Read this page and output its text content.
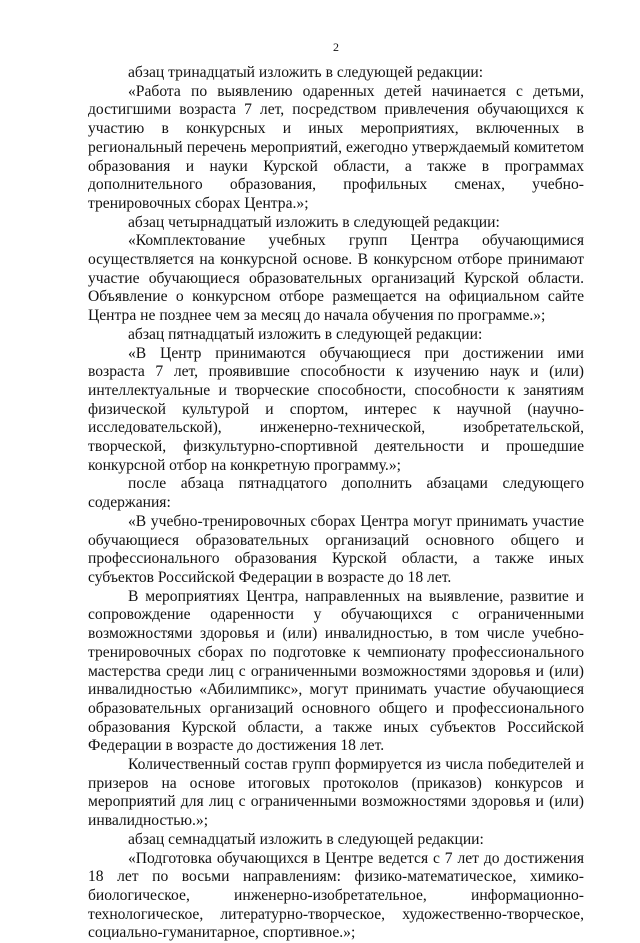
2

абзац тринадцатый изложить в следующей редакции:

«Работа по выявлению одаренных детей начинается с детьми, достигшими возраста 7 лет, посредством привлечения обучающихся к участию в конкурсных и иных мероприятиях, включенных в региональный перечень мероприятий, ежегодно утверждаемый комитетом образования и науки Курской области, а также в программах дополнительного образования, профильных сменах, учебно-тренировочных сборах Центра.»;

абзац четырнадцатый изложить в следующей редакции:

«Комплектование учебных групп Центра обучающимися осуществляется на конкурсной основе. В конкурсном отборе принимают участие обучающиеся образовательных организаций Курской области. Объявление о конкурсном отборе размещается на официальном сайте Центра не позднее чем за месяц до начала обучения по программе.»;

абзац пятнадцатый изложить в следующей редакции:

«В Центр принимаются обучающиеся при достижении ими возраста 7 лет, проявившие способности к изучению наук и (или) интеллектуальные и творческие способности, способности к занятиям физической культурой и спортом, интерес к научной (научно-исследовательской), инженерно-технической, изобретательской, творческой, физкультурно-спортивной деятельности и прошедшие конкурсной отбор на конкретную программу.»;

после абзаца пятнадцатого дополнить абзацами следующего содержания:

«В учебно-тренировочных сборах Центра могут принимать участие обучающиеся образовательных организаций основного общего и профессионального образования Курской области, а также иных субъектов Российской Федерации в возрасте до 18 лет.

В мероприятиях Центра, направленных на выявление, развитие и сопровождение одаренности у обучающихся с ограниченными возможностями здоровья и (или) инвалидностью, в том числе учебно-тренировочных сборах по подготовке к чемпионату профессионального мастерства среди лиц с ограниченными возможностями здоровья и (или) инвалидностью «Абилимпикс», могут принимать участие обучающиеся образовательных организаций основного общего и профессионального образования Курской области, а также иных субъектов Российской Федерации в возрасте до достижения 18 лет.

Количественный состав групп формируется из числа победителей и призеров на основе итоговых протоколов (приказов) конкурсов и мероприятий для лиц с ограниченными возможностями здоровья и (или) инвалидностью.»;

абзац семнадцатый изложить в следующей редакции:

«Подготовка обучающихся в Центре ведется с 7 лет до достижения 18 лет по восьми направлениям: физико-математическое, химико-биологическое, инженерно-изобретательное, информационно-технологическое, литературно-творческое, художественно-творческое, социально-гуманитарное, спортивное.»;
